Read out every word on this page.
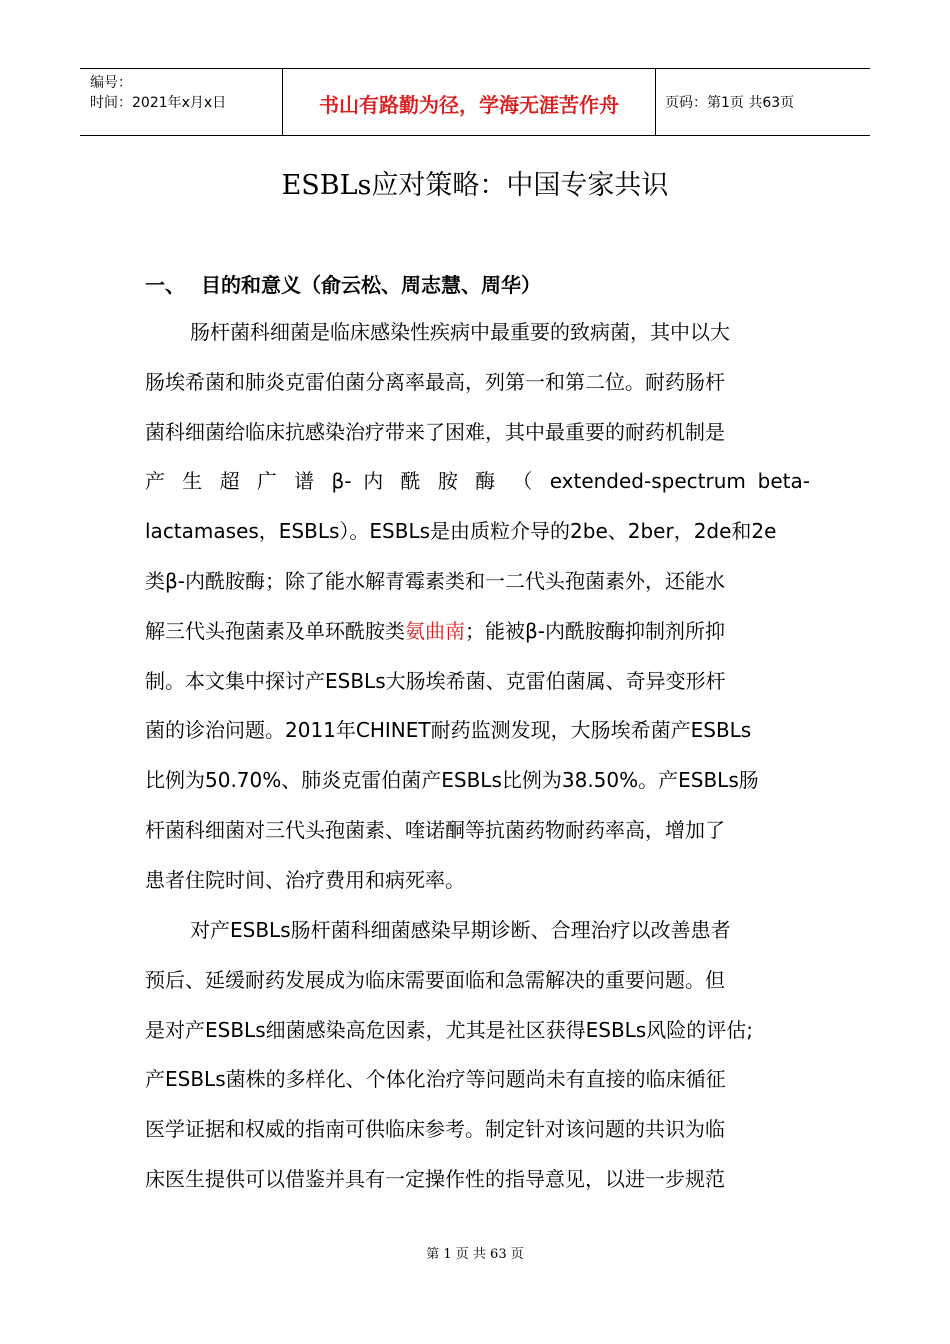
编号：
时间：2021年x月x日	书山有路勤为径，学海无涯苦作舟	页码：第1页 共63页
ESBLs应对策略：中国专家共识
一、 目的和意义（俞云松、周志慧、周华）
肠杆菌科细菌是临床感染性疾病中最重要的致病菌，其中以大
肠埃希菌和肺炎克雷伯菌分离率最高，列第一和第二位。耐药肠杆
菌科细菌给临床抗感染治疗带来了困难，其中最重要的耐药机制是
产 生 超 广 谱 β- 内 酰 胺 酶 （ extended-spectrum beta-
lactamases，ESBLs）。ESBLs是由质粒介导的2be、2ber，2de和2e
类β-内酰胺酶；除了能水解青霉素类和一二代头孢菌素外，还能水
解三代头孢菌素及单环酰胺类氨曲南；能被β-内酰胺酶抑制剂所抑
制。本文集中探讨产ESBLs大肠埃希菌、克雷伯菌属、奇异变形杆
菌的诊治问题。2011年CHINET耐药监测发现，大肠埃希菌产ESBLs
比例为50.70%、肺炎克雷伯菌产ESBLs比例为38.50%。产ESBLs肠
杆菌科细菌对三代头孢菌素、喹诺酮等抗菌药物耐药率高，增加了
患者住院时间、治疗费用和病死率。
对产ESBLs肠杆菌科细菌感染早期诊断、合理治疗以改善患者
预后、延缓耐药发展成为临床需要面临和急需解决的重要问题。但
是对产ESBLs细菌感染高危因素，尤其是社区获得ESBLs风险的评估;
产ESBLs菌株的多样化、个体化治疗等问题尚未有直接的临床循征
医学证据和权威的指南可供临床参考。制定针对该问题的共识为临
床医生提供可以借鉴并具有一定操作性的指导意见，以进一步规范
第 1 页 共 63 页
